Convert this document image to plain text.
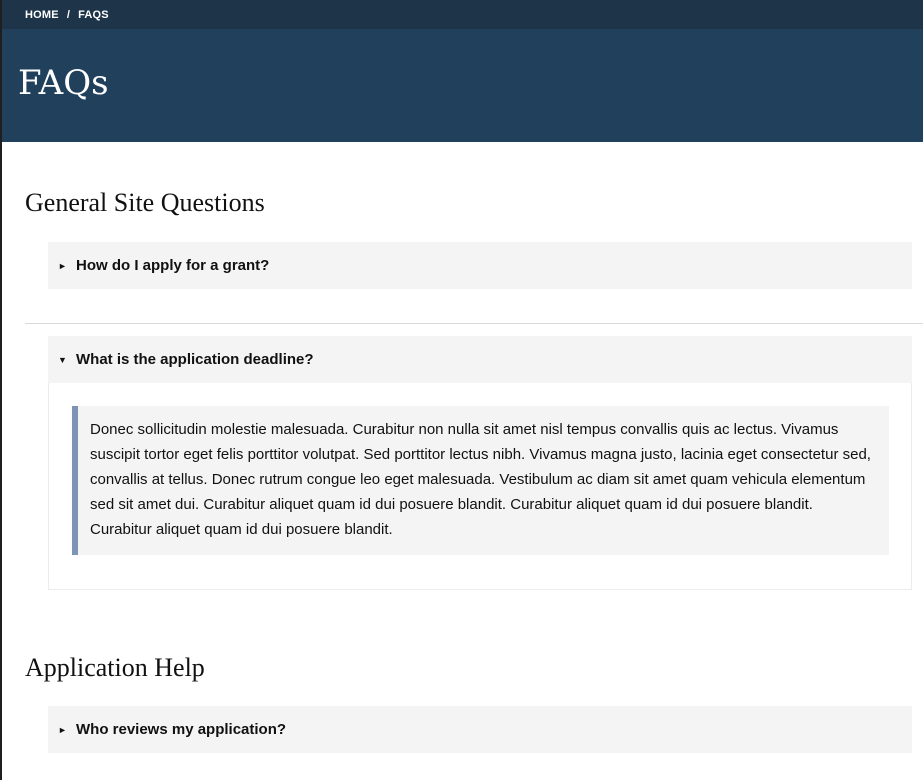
HOME / FAQS
FAQs
General Site Questions
► How do I apply for a grant?
▼ What is the application deadline?
Donec sollicitudin molestie malesuada. Curabitur non nulla sit amet nisl tempus convallis quis ac lectus. Vivamus suscipit tortor eget felis porttitor volutpat. Sed porttitor lectus nibh. Vivamus magna justo, lacinia eget consectetur sed, convallis at tellus. Donec rutrum congue leo eget malesuada. Vestibulum ac diam sit amet quam vehicula elementum sed sit amet dui. Curabitur aliquet quam id dui posuere blandit. Curabitur aliquet quam id dui posuere blandit. Curabitur aliquet quam id dui posuere blandit.
Application Help
► Who reviews my application?
